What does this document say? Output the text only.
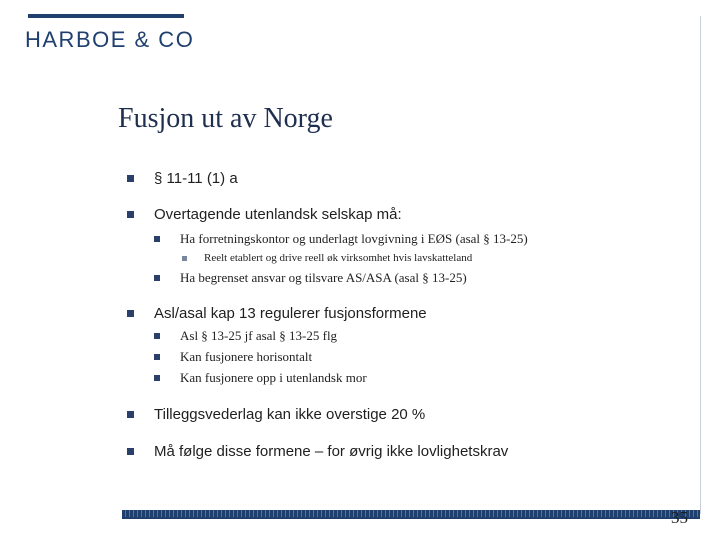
HARBOE & CO
Fusjon ut av Norge
§ 11-11 (1) a
Overtagende utenlandsk selskap må:
Ha forretningskontor og underlagt lovgivning i EØS (asal § 13-25)
Reelt etablert og drive reell øk virksomhet hvis lavskatteland
Ha begrenset ansvar og tilsvare AS/ASA (asal § 13-25)
Asl/asal kap 13 regulerer fusjonsformene
Asl § 13-25 jf asal § 13-25 flg
Kan fusjonere horisontalt
Kan fusjonere opp i utenlandsk mor
Tilleggsvederlag kan ikke overstige 20 %
Må følge disse formene – for øvrig ikke lovlighetskrav
35
